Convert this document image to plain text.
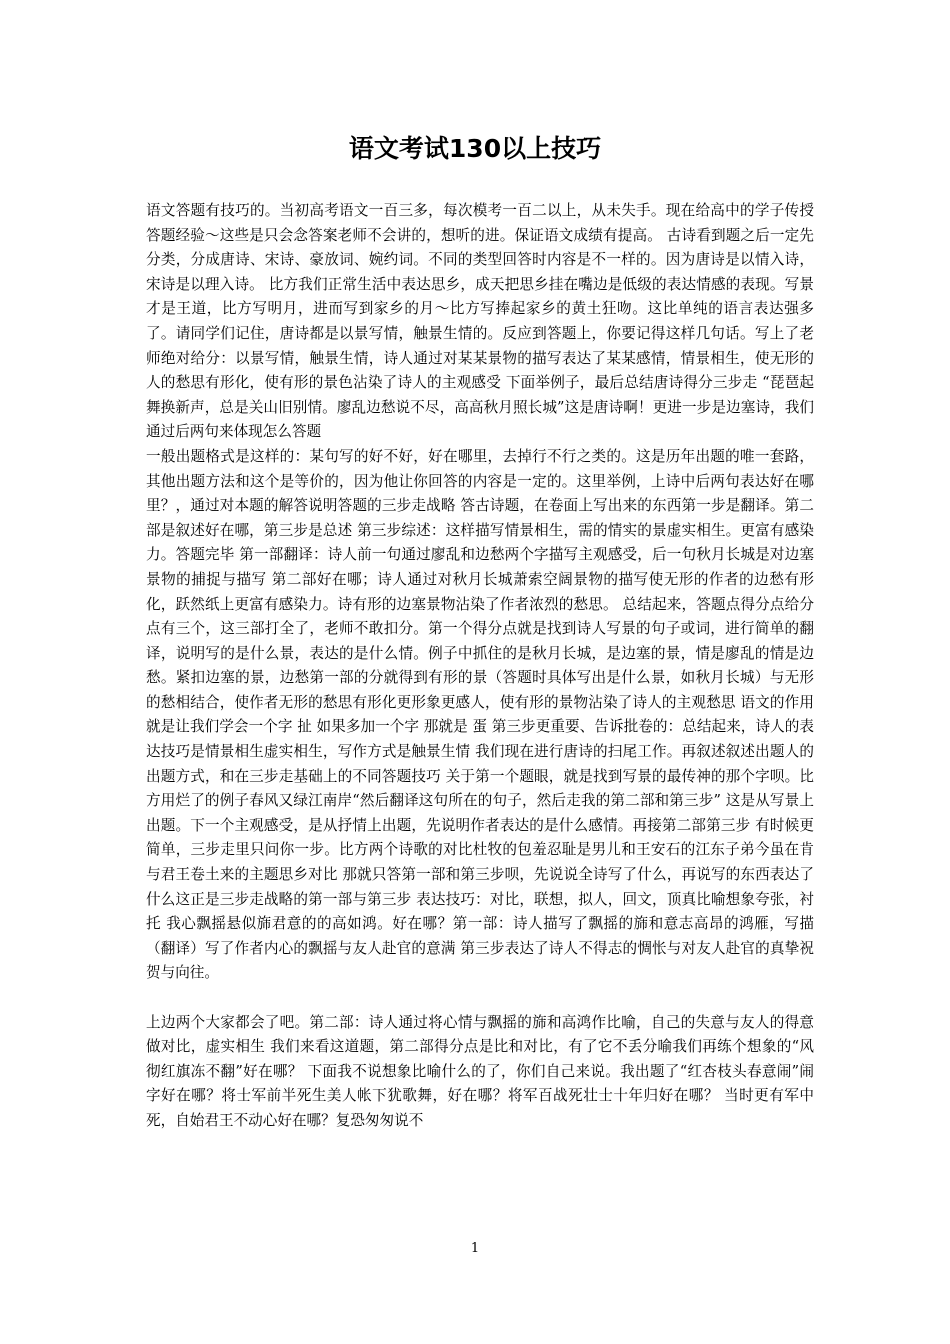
语文考试130以上技巧

语文答题有技巧的。当初高考语文一百三多，每次模考一百二以上，从未失手。现在给高中的学子传授答题经验～这些是只会念答案老师不会讲的，想听的进。保证语文成绩有提高。 古诗看到题之后一定先分类，分成唐诗、宋诗、豪放词、婉约词。不同的类型回答时内容是不一样的。因为唐诗是以情入诗，宋诗是以理入诗。 比方我们正常生活中表达思乡，成天把思乡挂在嘴边是低级的表达情感的表现。写景才是王道，比方写明月，进而写到家乡的月～比方写捧起家乡的黄土狂吻。这比单纯的语言表达强多了。请同学们记住，唐诗都是以景写情，触景生情的。反应到答题上，你要记得这样几句话。写上了老师绝对给分：以景写情，触景生情，诗人通过对某某景物的描写表达了某某感情，情景相生，使无形的人的愁思有形化，使有形的景色沾染了诗人的主观感受 下面举例子，最后总结唐诗得分三步走 “琵琶起舞换新声，总是关山旧别情。廖乱边愁说不尽，高高秋月照长城”这是唐诗啊！更进一步是边塞诗，我们通过后两句来体现怎么答题

一般出题格式是这样的：某句写的好不好，好在哪里，去掉行不行之类的。这是历年出题的唯一套路，其他出题方法和这个是等价的，因为他让你回答的内容是一定的。这里举例，上诗中后两句表达好在哪里？，通过对本题的解答说明答题的三步走战略 答古诗题，在卷面上写出来的东西第一步是翻译。第二部是叙述好在哪，第三步是总述 第三步综述：这样描写情景相生，需的情实的景虚实相生。更富有感染力。答题完毕 第一部翻译：诗人前一句通过廖乱和边愁两个字描写主观感受，后一句秋月长城是对边塞景物的捕捉与描写 第二部好在哪；诗人通过对秋月长城萧索空阔景物的描写使无形的作者的边愁有形化，跃然纸上更富有感染力。诗有形的边塞景物沾染了作者浓烈的愁思。 总结起来，答题点得分点给分点有三个，这三部打全了，老师不敢扣分。第一个得分点就是找到诗人写景的句子或词，进行简单的翻译，说明写的是什么景，表达的是什么情。例子中抓住的是秋月长城，是边塞的景，情是廖乱的情是边愁。紧扣边塞的景，边愁第一部的分就得到有形的景（答题时具体写出是什么景，如秋月长城）与无形的愁相结合，使作者无形的愁思有形化更形象更感人，使有形的景物沾染了诗人的主观愁思 语文的作用就是让我们学会一个字 扯 如果多加一个字 那就是 蛋 第三步更重要、告诉批卷的：总结起来，诗人的表达技巧是情景相生虚实相生，写作方式是触景生情 我们现在进行唐诗的扫尾工作。再叙述叙述出题人的出题方式，和在三步走基础上的不同答题技巧 关于第一个题眼，就是找到写景的最传神的那个字呗。比方用烂了的例子春风又绿江南岸“然后翻译这句所在的句子，然后走我的第二部和第三步” 这是从写景上出题。下一个主观感受，是从抒情上出题，先说明作者表达的是什么感情。再接第二部第三步 有时候更简单，三步走里只问你一步。比方两个诗歌的对比杜牧的包羞忍耻是男儿和王安石的江东子弟今虽在肯与君王卷土来的主题思乡对比 那就只答第一部和第三步呗，先说说全诗写了什么，再说写的东西表达了什么这正是三步走战略的第一部与第三步 表达技巧：对比，联想，拟人，回文，顶真比喻想象夸张，衬托 我心飘摇悬似旆君意的的高如鸿。好在哪？第一部：诗人描写了飘摇的旆和意志高昂的鸿雁，写描（翻译）写了作者内心的飘摇与友人赴官的意满 第三步表达了诗人不得志的惆怅与对友人赴官的真挚祝贺与向往。

上边两个大家都会了吧。第二部：诗人通过将心情与飘摇的旆和高鸿作比喻，自己的失意与友人的得意做对比，虚实相生 我们来看这道题，第二部得分点是比和对比，有了它不丢分喻我们再练个想象的“风彻红旗冻不翻”好在哪？ 下面我不说想象比喻什么的了，你们自己来说。我出题了“红杏枝头春意闹”闹字好在哪？将士军前半死生美人帐下犹歌舞，好在哪？将军百战死壮士十年归好在哪？ 当时更有军中死，自始君王不动心好在哪？复恐匆匆说不

1
